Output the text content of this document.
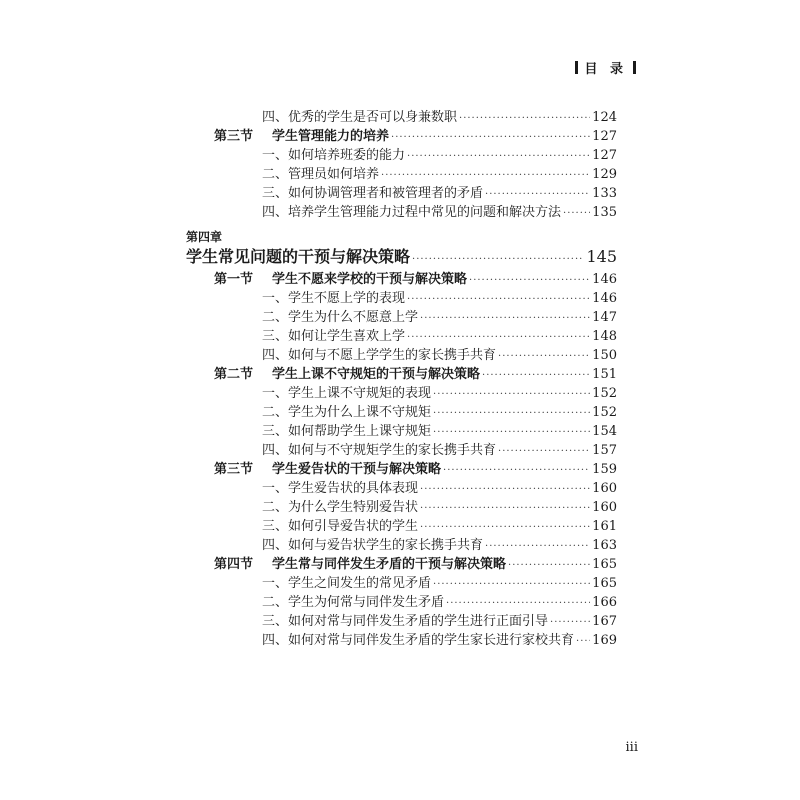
目 录
四、优秀的学生是否可以身兼数职 ·····	124
第三节	学生管理能力的培养 ·····	127
一、如何培养班委的能力 ·····	127
二、管理员如何培养 ·····	129
三、如何协调管理者和被管理者的矛盾 ·····	133
四、培养学生管理能力过程中常见的问题和解决方法 ····· 135
第四章
学生常见问题的干预与解决策略 ·····	145
第一节	学生不愿来学校的干预与解决策略 ·····	146
一、学生不愿上学的表现 ·····	146
二、学生为什么不愿意上学 ·····	147
三、如何让学生喜欢上学 ·····	148
四、如何与不愿上学学生的家长携手共育 ·····	150
第二节	学生上课不守规矩的干预与解决策略 ·····	151
一、学生上课不守规矩的表现 ·····	152
二、学生为什么上课不守规矩 ·····	152
三、如何帮助学生上课守规矩 ·····	154
四、如何与不守规矩学生的家长携手共育 ·····	157
第三节	学生爱告状的干预与解决策略 ·····	159
一、学生爱告状的具体表现 ·····	160
二、为什么学生特别爱告状 ·····	160
三、如何引导爱告状的学生 ·····	161
四、如何与爱告状学生的家长携手共育 ·····	163
第四节	学生常与同伴发生矛盾的干预与解决策略 ·····	165
一、学生之间发生的常见矛盾 ·····	165
二、学生为何常与同伴发生矛盾 ·····	166
三、如何对常与同伴发生矛盾的学生进行正面引导 ·····	167
四、如何对常与同伴发生矛盾的学生家长进行家校共育 ····· 169
iii
